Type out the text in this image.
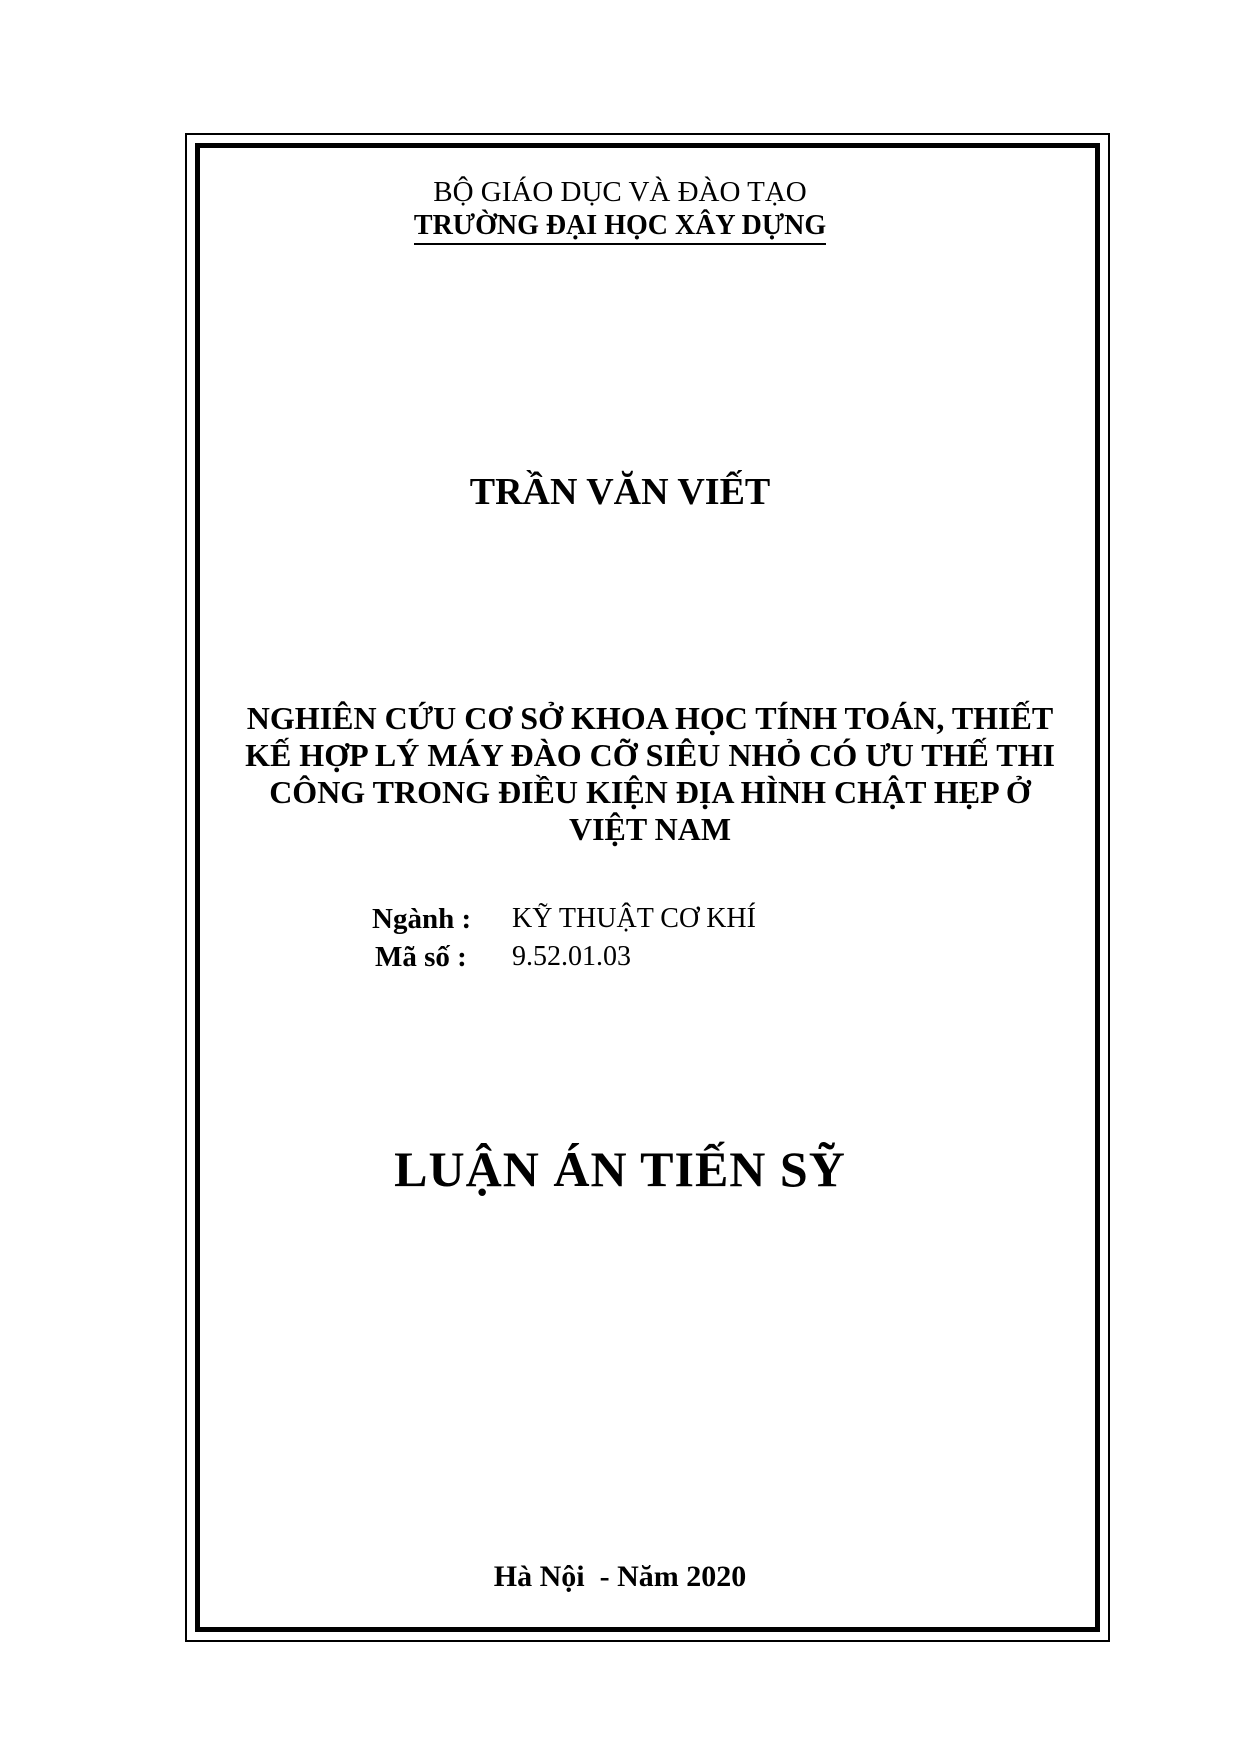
BỘ GIÁO DỤC VÀ ĐÀO TẠO
TRƯỜNG ĐẠI HỌC XÂY DỰNG
TRẦN VĂN VIẾT
NGHIÊN CỨU CƠ SỞ KHOA HỌC TÍNH TOÁN, THIẾT
KẾ HỢP LÝ MÁY ĐÀO CỠ SIÊU NHỎ CÓ ƯU THẾ THI
CÔNG TRONG ĐIỀU KIỆN ĐỊA HÌNH CHẬT HẸP Ở
VIỆT NAM
Ngành : KỸ THUẬT CƠ KHÍ
Mã số : 9.52.01.03
LUẬN ÁN TIẾN SỸ
Hà Nội  - Năm 2020
